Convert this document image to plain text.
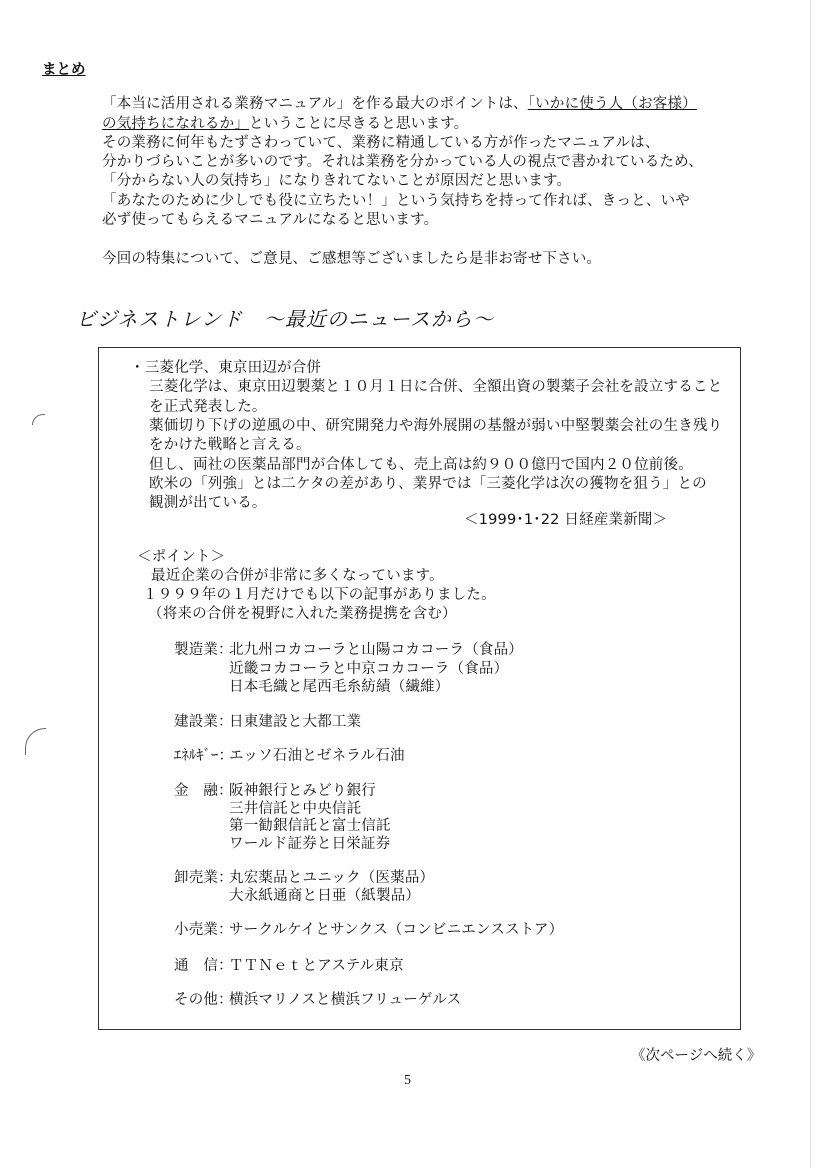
まとめ
「本当に活用される業務マニュアル」を作る最大のポイントは、「いかに使う人（お客様）
の気持ちになれるか」ということに尽きると思います。
その業務に何年もたずさわっていて、業務に精通している方が作ったマニュアルは、
分かりづらいことが多いのです。それは業務を分かっている人の視点で書かれているため、
「分からない人の気持ち」になりきれてないことが原因だと思います。
「あなたのために少しでも役に立ちたい！」という気持ちを持って作れば、きっと、いや
必ず使ってもらえるマニュアルになると思います。
今回の特集について、ご意見、ご感想等ございましたら是非お寄せ下さい。
ビジネストレンド　～最近のニュースから～
・三菱化学、東京田辺が合併
三菱化学は、東京田辺製薬と１０月１日に合併、全額出資の製薬子会社を設立すること
を正式発表した。
薬価切り下げの逆風の中、研究開発力や海外展開の基盤が弱い中堅製薬会社の生き残り
をかけた戦略と言える。
但し、両社の医薬品部門が合体しても、売上高は約９００億円で国内２０位前後。
欧米の「列強」とは二ケタの差があり、業界では「三菱化学は次の獲物を狙う」との
観測が出ている。
＜1999･1･22 日経産業新聞＞
＜ポイント＞
最近企業の合併が非常に多くなっています。
１９９９年の１月だけでも以下の記事がありました。
（将来の合併を視野に入れた業務提携を含む）
製造業：
北九州コカコーラと山陽コカコーラ（食品）
近畿コカコーラと中京コカコーラ（食品）
日本毛織と尾西毛糸紡績（繊維）
建設業：
日東建設と大都工業
ｴﾈﾙｷﾞｰ：
エッソ石油とゼネラル石油
金　融：
阪神銀行とみどり銀行
三井信託と中央信託
第一勧銀信託と富士信託
ワールド証券と日栄証券
卸売業：
丸宏薬品とユニック（医薬品）
大永紙通商と日亜（紙製品）
小売業：
サークルケイとサンクス（コンビニエンスストア）
通　信：
ＴＴＮｅｔとアステル東京
その他：
横浜マリノスと横浜フリューゲルス
《次ページへ続く》
5
